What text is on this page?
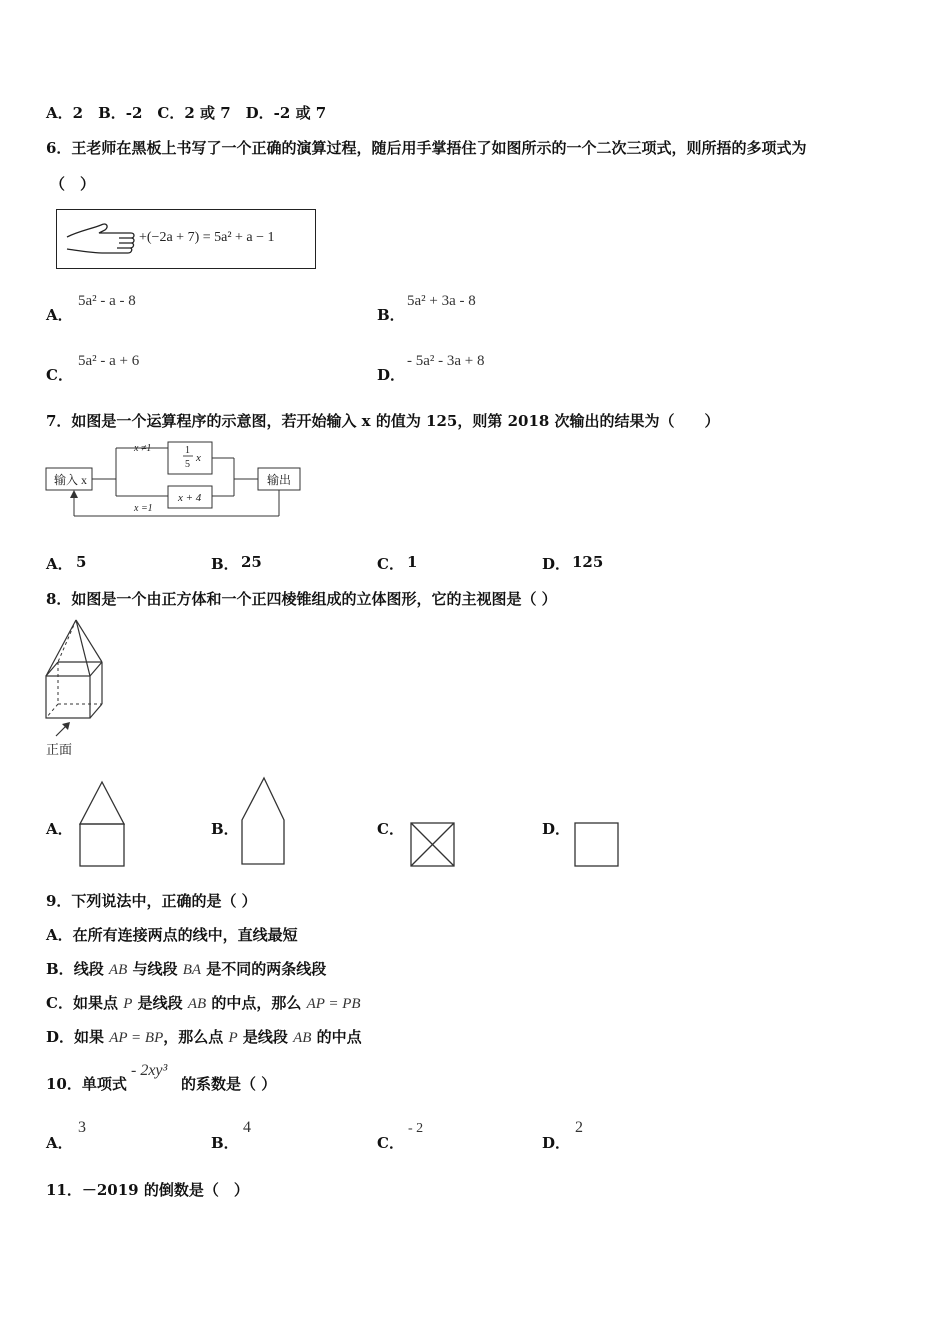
A．2　B．-2　C．2 或 7　D．-2 或 7
6．王老师在黑板上书写了一个正确的演算过程，随后用手掌捂住了如图所示的一个二次三项式，则所捂的多项式为
（　）
+(−2a + 7) = 5a² + a − 1
A．
5a² - a - 8
B．
5a² + 3a - 8
C．
5a² - a + 6
D．
- 5a² - 3a + 8
7．如图是一个运算程序的示意图，若开始输入 x 的值为 125，则第 2018 次输出的结果为（　　）
输入 x	输出
x ≠1
x =1
1
5
x
x + 4
A． 5	B． 25	C． 1	D． 125
8．如图是一个由正方体和一个正四棱锥组成的立体图形，它的主视图是（ ）
正面
A．	B．	C．	D．
9．下列说法中，正确的是（ ）
A．在所有连接两点的线中，直线最短
B．线段 AB 与线段 BA 是不同的两条线段
C．如果点 P 是线段 AB 的中点，那么 AP = PB
D．如果 AP = BP，那么点 P 是线段 AB 的中点
10．单项式
- 2xy³
的系数是（ ）
A．
3
B．
4
C．
- 2
D．
2
11．－2019 的倒数是（　）
